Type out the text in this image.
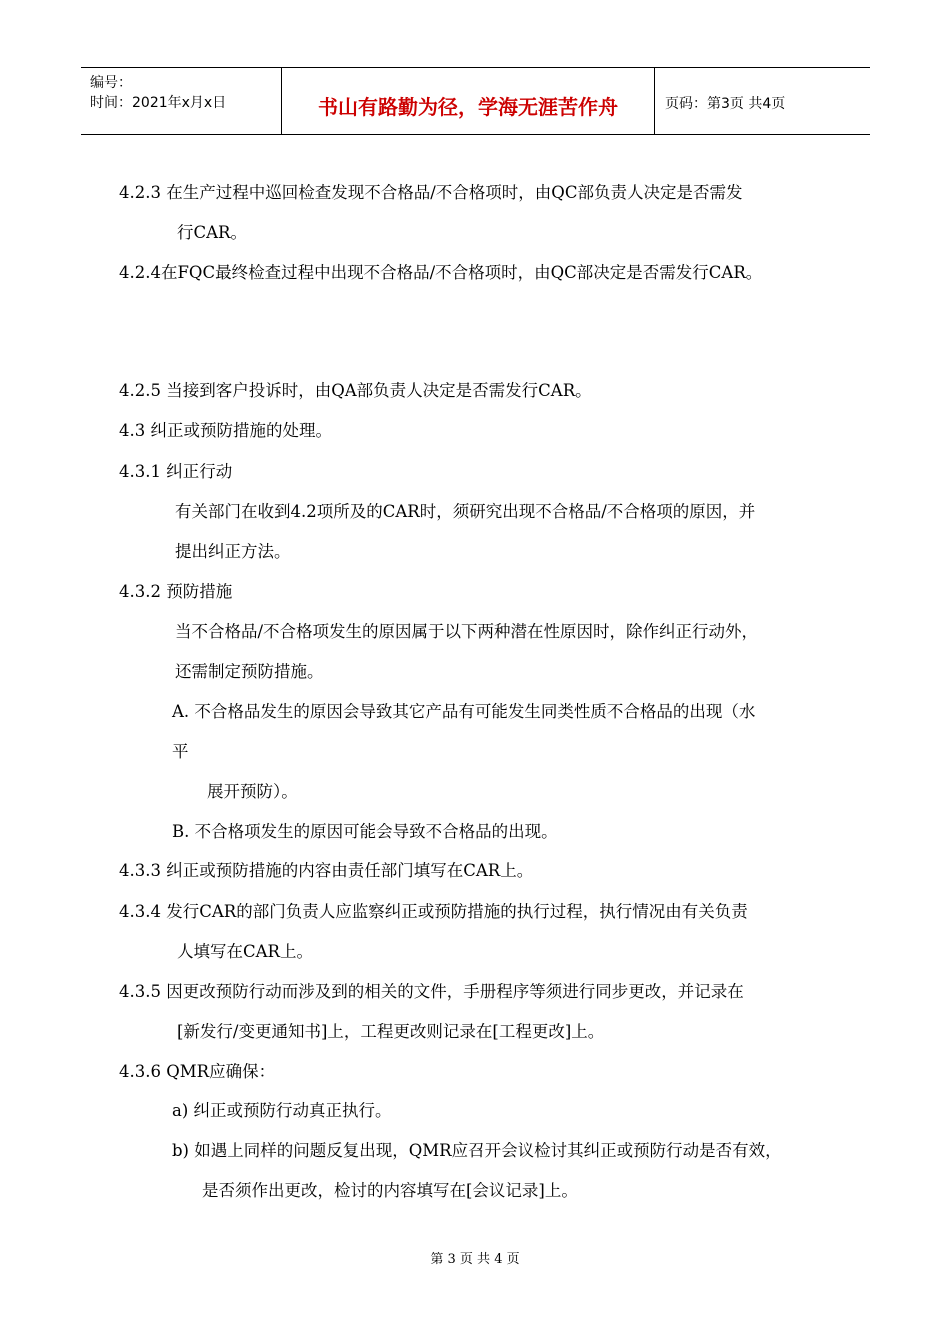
编号：
时间：2021年x月x日	书山有路勤为径，学海无涯苦作舟	页码：第3页 共4页
4.2.3 在生产过程中巡回检查发现不合格品/不合格项时，由QC部负责人决定是否需发
行CAR。
4.2.4在FQC最终检查过程中出现不合格品/不合格项时，由QC部决定是否需发行CAR。
4.2.5 当接到客户投诉时，由QA部负责人决定是否需发行CAR。
4.3 纠正或预防措施的处理。
4.3.1 纠正行动
有关部门在收到4.2项所及的CAR时，须研究出现不合格品/不合格项的原因，并
提出纠正方法。
4.3.2 预防措施
当不合格品/不合格项发生的原因属于以下两种潜在性原因时，除作纠正行动外，
还需制定预防措施。
A. 不合格品发生的原因会导致其它产品有可能发生同类性质不合格品的出现（水
平
展开预防）。
B. 不合格项发生的原因可能会导致不合格品的出现。
4.3.3 纠正或预防措施的内容由责任部门填写在CAR上。
4.3.4 发行CAR的部门负责人应监察纠正或预防措施的执行过程，执行情况由有关负责
人填写在CAR上。
4.3.5 因更改预防行动而涉及到的相关的文件，手册程序等须进行同步更改，并记录在
[新发行/变更通知书]上，工程更改则记录在[工程更改]上。
4.3.6 QMR应确保：
a) 纠正或预防行动真正执行。
b) 如遇上同样的问题反复出现，QMR应召开会议检讨其纠正或预防行动是否有效，
是否须作出更改，检讨的内容填写在[会议记录]上。
第 3 页 共 4 页
